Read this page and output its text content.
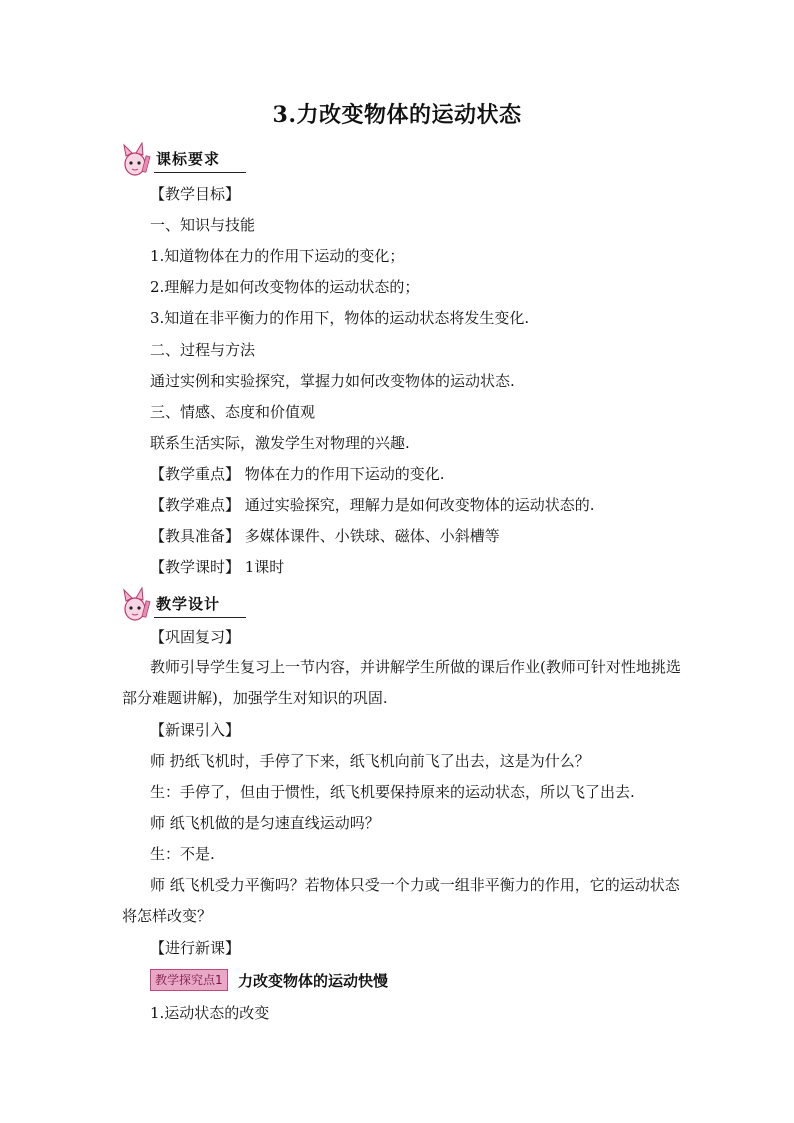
3.力改变物体的运动状态
课标要求
【教学目标】
一、知识与技能
1.知道物体在力的作用下运动的变化；
2.理解力是如何改变物体的运动状态的；
3.知道在非平衡力的作用下，物体的运动状态将发生变化.
二、过程与方法
通过实例和实验探究，掌握力如何改变物体的运动状态.
三、情感、态度和价值观
联系生活实际，激发学生对物理的兴趣.
【教学重点】 物体在力的作用下运动的变化.
【教学难点】 通过实验探究，理解力是如何改变物体的运动状态的.
【教具准备】 多媒体课件、小铁球、磁体、小斜槽等
【教学课时】 1课时
教学设计
【巩固复习】
教师引导学生复习上一节内容，并讲解学生所做的课后作业(教师可针对性地挑选部分难题讲解)，加强学生对知识的巩固.
【新课引入】
师 扔纸飞机时，手停了下来，纸飞机向前飞了出去，这是为什么？
生：手停了，但由于惯性，纸飞机要保持原来的运动状态，所以飞了出去.
师 纸飞机做的是匀速直线运动吗？
生：不是.
师 纸飞机受力平衡吗？若物体只受一个力或一组非平衡力的作用，它的运动状态将怎样改变？
【进行新课】
教学探究点1	力改变物体的运动快慢
1.运动状态的改变
